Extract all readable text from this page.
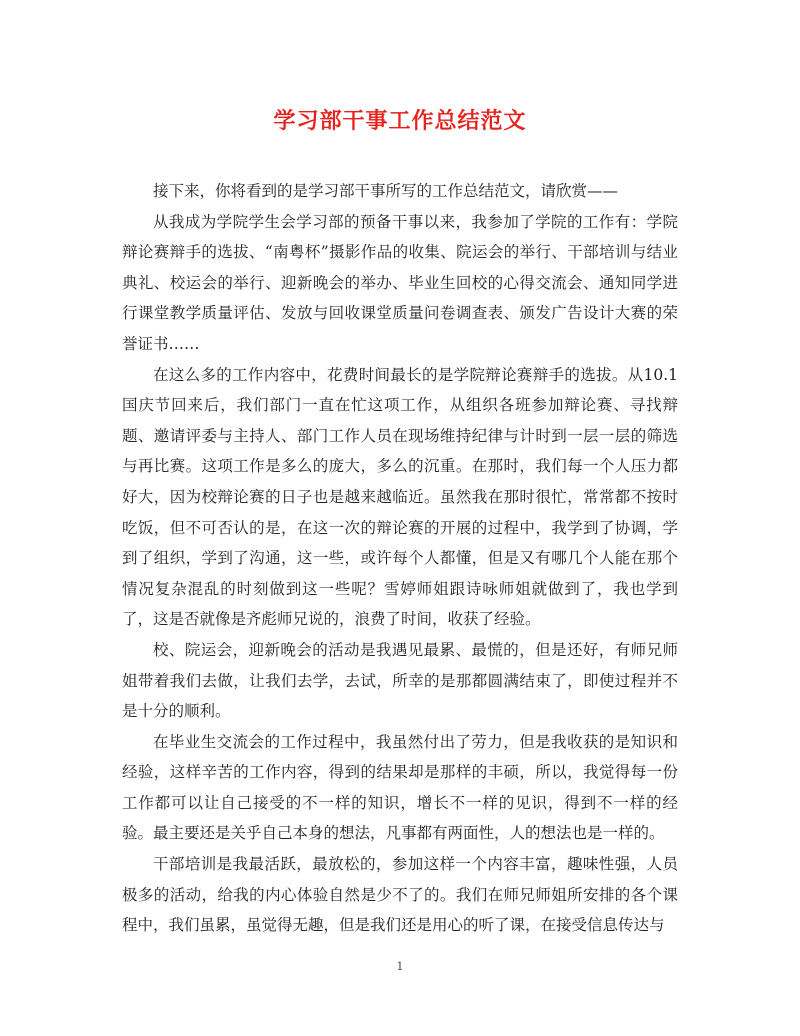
学习部干事工作总结范文

接下来，你将看到的是学习部干事所写的工作总结范文，请欣赏——

从我成为学院学生会学习部的预备干事以来，我参加了学院的工作有：学院辩论赛辩手的选拔、“南粤杯”摄影作品的收集、院运会的举行、干部培训与结业典礼、校运会的举行、迎新晚会的举办、毕业生回校的心得交流会、通知同学进行课堂教学质量评估、发放与回收课堂质量问卷调查表、颁发广告设计大赛的荣誉证书……

在这么多的工作内容中，花费时间最长的是学院辩论赛辩手的选拔。从10.1国庆节回来后，我们部门一直在忙这项工作，从组织各班参加辩论赛、寻找辩题、邀请评委与主持人、部门工作人员在现场维持纪律与计时到一层一层的筛选与再比赛。这项工作是多么的庞大，多么的沉重。在那时，我们每一个人压力都好大，因为校辩论赛的日子也是越来越临近。虽然我在那时很忙，常常都不按时吃饭，但不可否认的是，在这一次的辩论赛的开展的过程中，我学到了协调，学到了组织，学到了沟通，这一些，或许每个人都懂，但是又有哪几个人能在那个情况复杂混乱的时刻做到这一些呢？雪婷师姐跟诗咏师姐就做到了，我也学到了，这是否就像是齐彪师兄说的，浪费了时间，收获了经验。

校、院运会，迎新晚会的活动是我遇见最累、最慌的，但是还好，有师兄师姐带着我们去做，让我们去学，去试，所幸的是那都圆满结束了，即使过程并不是十分的顺利。

在毕业生交流会的工作过程中，我虽然付出了劳力，但是我收获的是知识和经验，这样辛苦的工作内容，得到的结果却是那样的丰硕，所以，我觉得每一份工作都可以让自己接受的不一样的知识，增长不一样的见识，得到不一样的经验。最主要还是关乎自己本身的想法，凡事都有两面性，人的想法也是一样的。

干部培训是我最活跃，最放松的，参加这样一个内容丰富，趣味性强，人员极多的活动，给我的内心体验自然是少不了的。我们在师兄师姐所安排的各个课程中，我们虽累，虽觉得无趣，但是我们还是用心的听了课，在接受信息传达与

1
